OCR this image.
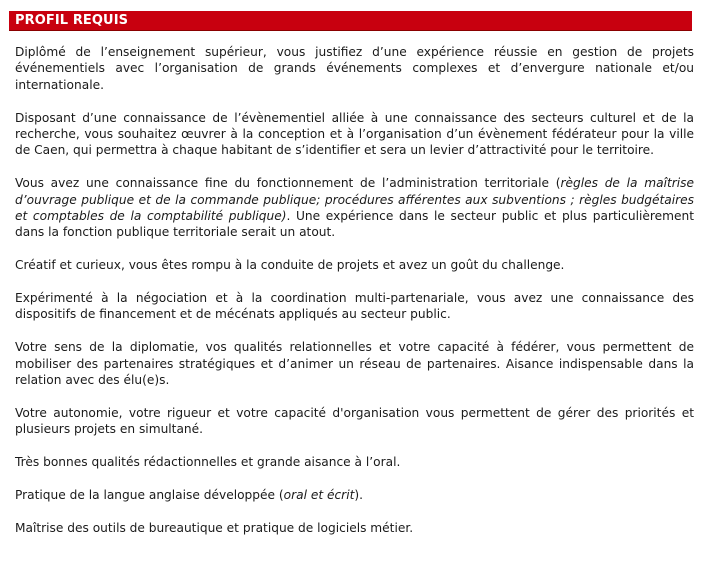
PROFIL REQUIS

Diplômé de l’enseignement supérieur, vous justifiez d’une expérience réussie en gestion de projets événementiels avec l’organisation de grands événements complexes et d’envergure nationale et/ou internationale.

Disposant d’une connaissance de l’évènementiel alliée à une connaissance des secteurs culturel et de la recherche, vous souhaitez œuvrer à la conception et à l’organisation d’un évènement fédérateur pour la ville de Caen, qui permettra à chaque habitant de s’identifier et sera un levier d’attractivité pour le territoire.

Vous avez une connaissance fine du fonctionnement de l’administration territoriale (règles de la maîtrise d’ouvrage publique et de la commande publique; procédures afférentes aux subventions ; règles budgétaires et comptables de la comptabilité publique). Une expérience dans le secteur public et plus particulièrement dans la fonction publique territoriale serait un atout.

Créatif et curieux, vous êtes rompu à la conduite de projets et avez un goût du challenge.

Expérimenté à la négociation et à la coordination multi-partenariale, vous avez une connaissance des dispositifs de financement et de mécénats appliqués au secteur public.

Votre sens de la diplomatie, vos qualités relationnelles et votre capacité à fédérer, vous permettent de mobiliser des partenaires stratégiques et d’animer un réseau de partenaires. Aisance indispensable dans la relation avec des élu(e)s.

Votre autonomie, votre rigueur et votre capacité d'organisation vous permettent de gérer des priorités et plusieurs projets en simultané.

Très bonnes qualités rédactionnelles et grande aisance à l’oral.

Pratique de la langue anglaise développée (oral et écrit).

Maîtrise des outils de bureautique et pratique de logiciels métier.
